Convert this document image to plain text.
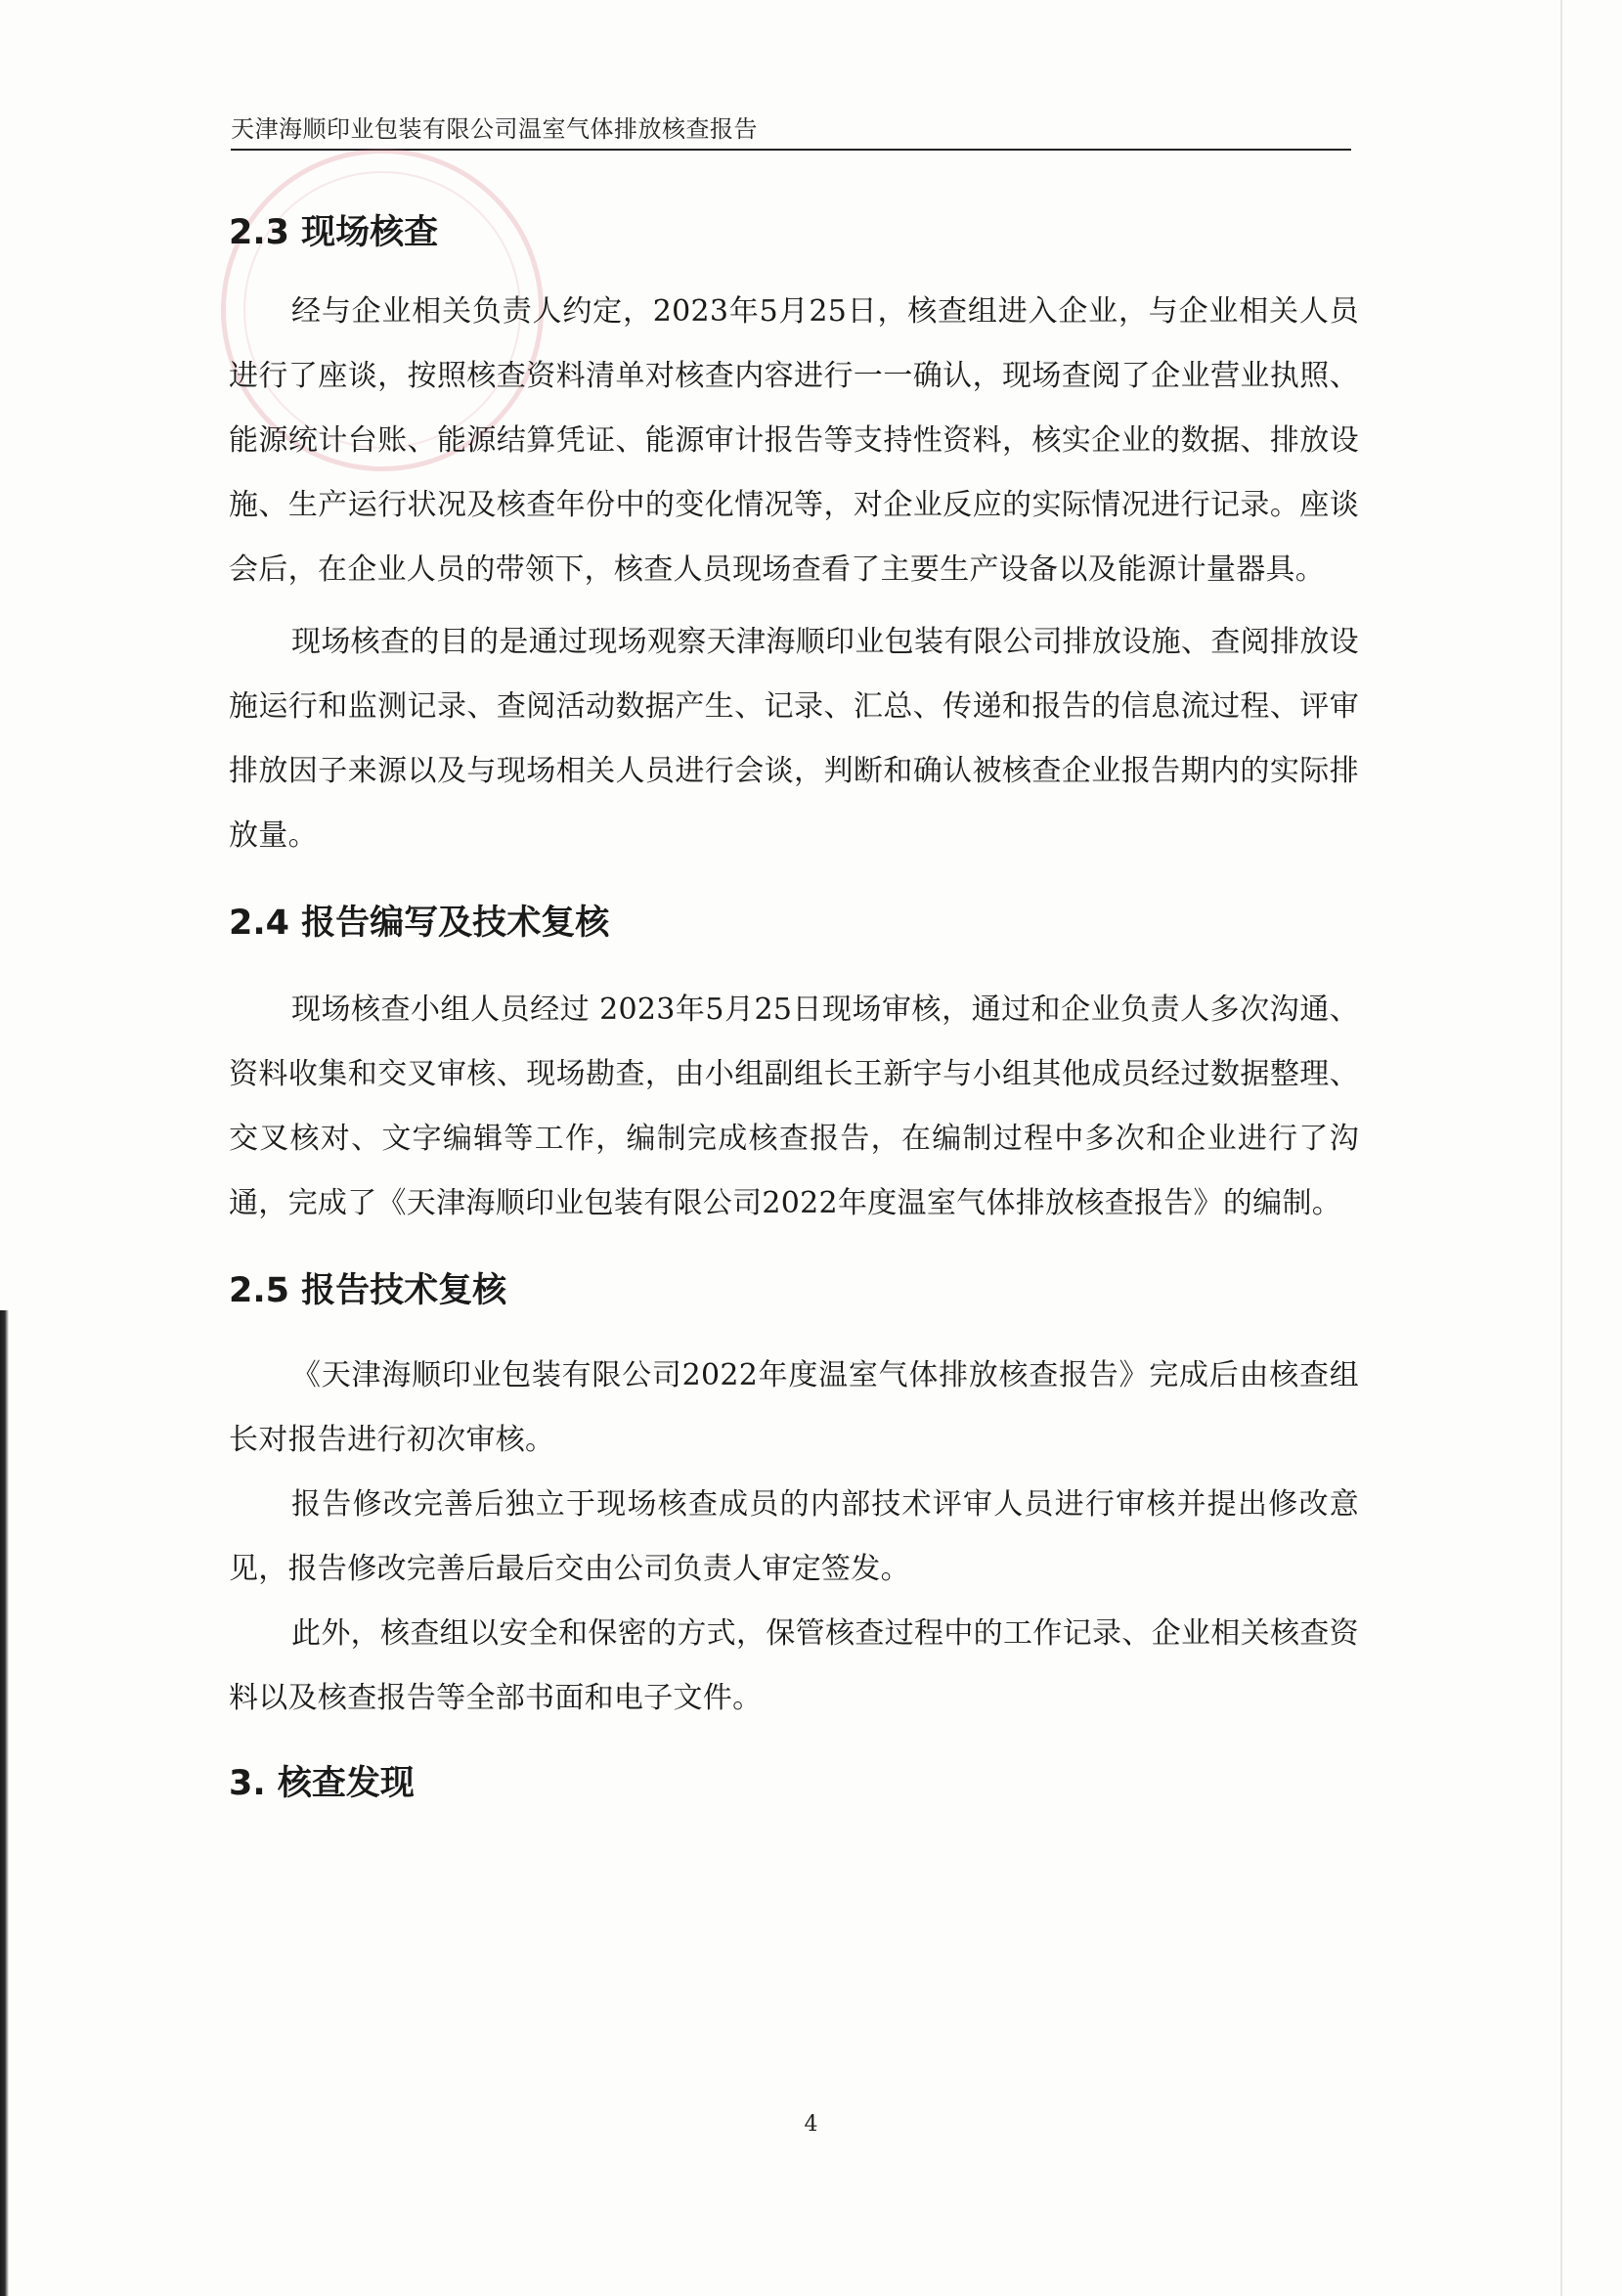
天津海顺印业包装有限公司温室气体排放核查报告
2.3 现场核查

经与企业相关负责人约定，2023年5月25日，核查组进入企业，与企业相关人员进行了座谈，按照核查资料清单对核查内容进行一一确认，现场查阅了企业营业执照、能源统计台账、能源结算凭证、能源审计报告等支持性资料，核实企业的数据、排放设施、生产运行状况及核查年份中的变化情况等，对企业反应的实际情况进行记录。座谈会后，在企业人员的带领下，核查人员现场查看了主要生产设备以及能源计量器具。

现场核查的目的是通过现场观察天津海顺印业包装有限公司排放设施、查阅排放设施运行和监测记录、查阅活动数据产生、记录、汇总、传递和报告的信息流过程、评审排放因子来源以及与现场相关人员进行会谈，判断和确认被核查企业报告期内的实际排放量。

2.4 报告编写及技术复核

现场核查小组人员经过 2023年5月25日现场审核，通过和企业负责人多次沟通、资料收集和交叉审核、现场勘查，由小组副组长王新宇与小组其他成员经过数据整理、交叉核对、文字编辑等工作，编制完成核查报告，在编制过程中多次和企业进行了沟通，完成了《天津海顺印业包装有限公司2022年度温室气体排放核查报告》的编制。

2.5 报告技术复核

《天津海顺印业包装有限公司2022年度温室气体排放核查报告》完成后由核查组长对报告进行初次审核。

报告修改完善后独立于现场核查成员的内部技术评审人员进行审核并提出修改意见，报告修改完善后最后交由公司负责人审定签发。

此外，核查组以安全和保密的方式，保管核查过程中的工作记录、企业相关核查资料以及核查报告等全部书面和电子文件。

3. 核查发现
4
